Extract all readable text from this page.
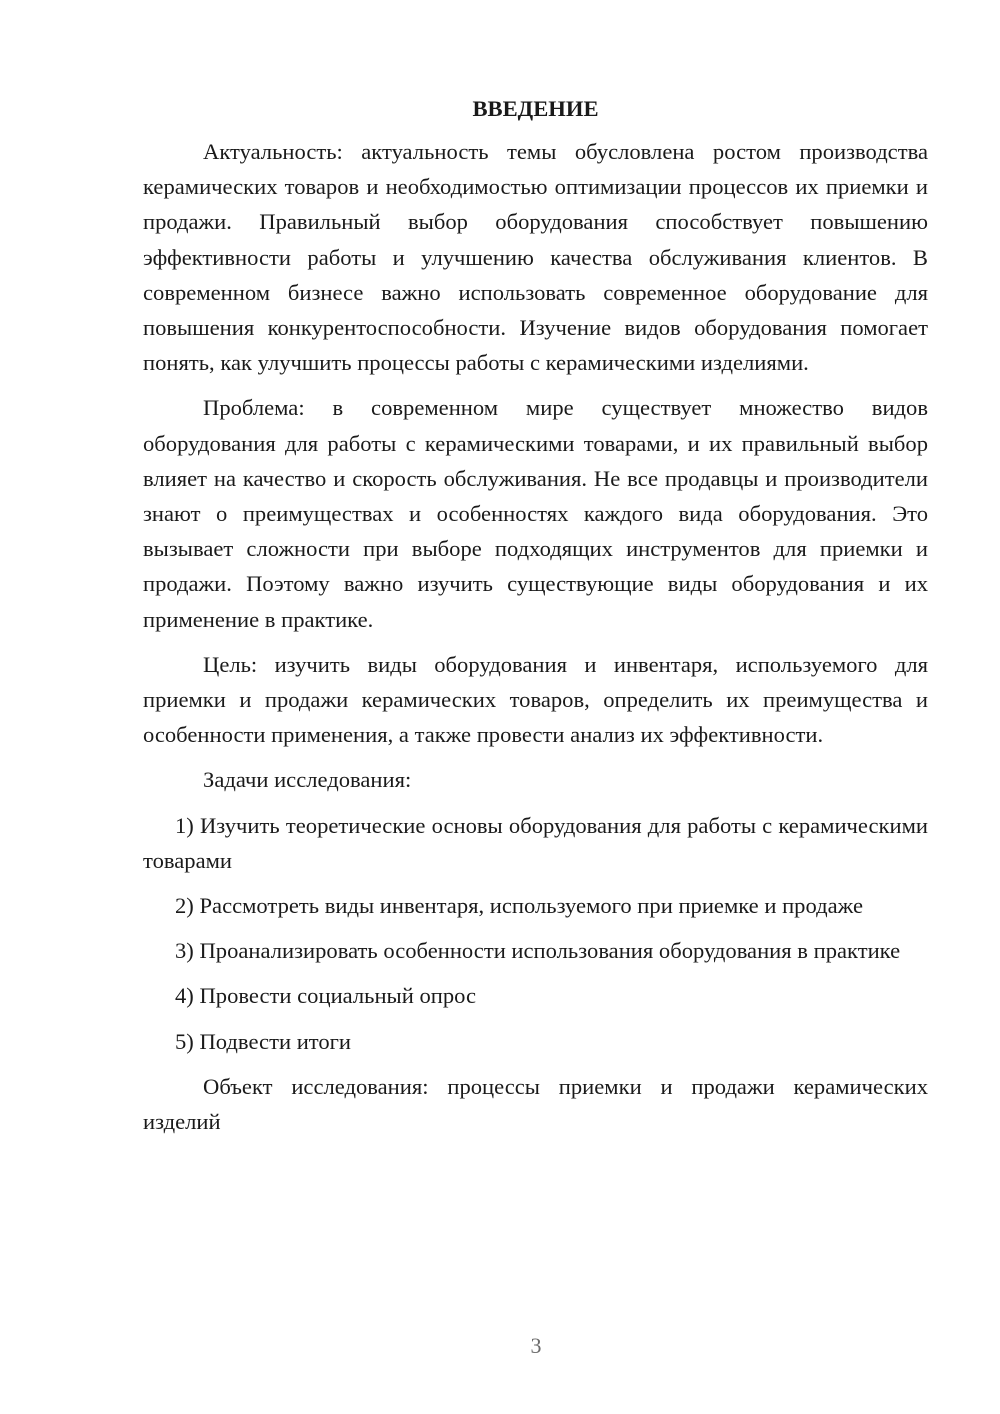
ВВЕДЕНИЕ

Актуальность: актуальность темы обусловлена ростом производства керамических товаров и необходимостью оптимизации процессов их приемки и продажи. Правильный выбор оборудования способствует повышению эффективности работы и улучшению качества обслуживания клиентов. В современном бизнесе важно использовать современное оборудование для повышения конкурентоспособности. Изучение видов оборудования помогает понять, как улучшить процессы работы с керамическими изделиями.

Проблема: в современном мире существует множество видов оборудования для работы с керамическими товарами, и их правильный выбор влияет на качество и скорость обслуживания. Не все продавцы и производители знают о преимуществах и особенностях каждого вида оборудования. Это вызывает сложности при выборе подходящих инструментов для приемки и продажи. Поэтому важно изучить существующие виды оборудования и их применение в практике.

Цель: изучить виды оборудования и инвентаря, используемого для приемки и продажи керамических товаров, определить их преимущества и особенности применения, а также провести анализ их эффективности.

Задачи исследования:

1) Изучить теоретические основы оборудования для работы с керамическими товарами

2) Рассмотреть виды инвентаря, используемого при приемке и продаже

3) Проанализировать особенности использования оборудования в практике

4) Провести социальный опрос

5) Подвести итоги

Объект исследования: процессы приемки и продажи керамических изделий

3
